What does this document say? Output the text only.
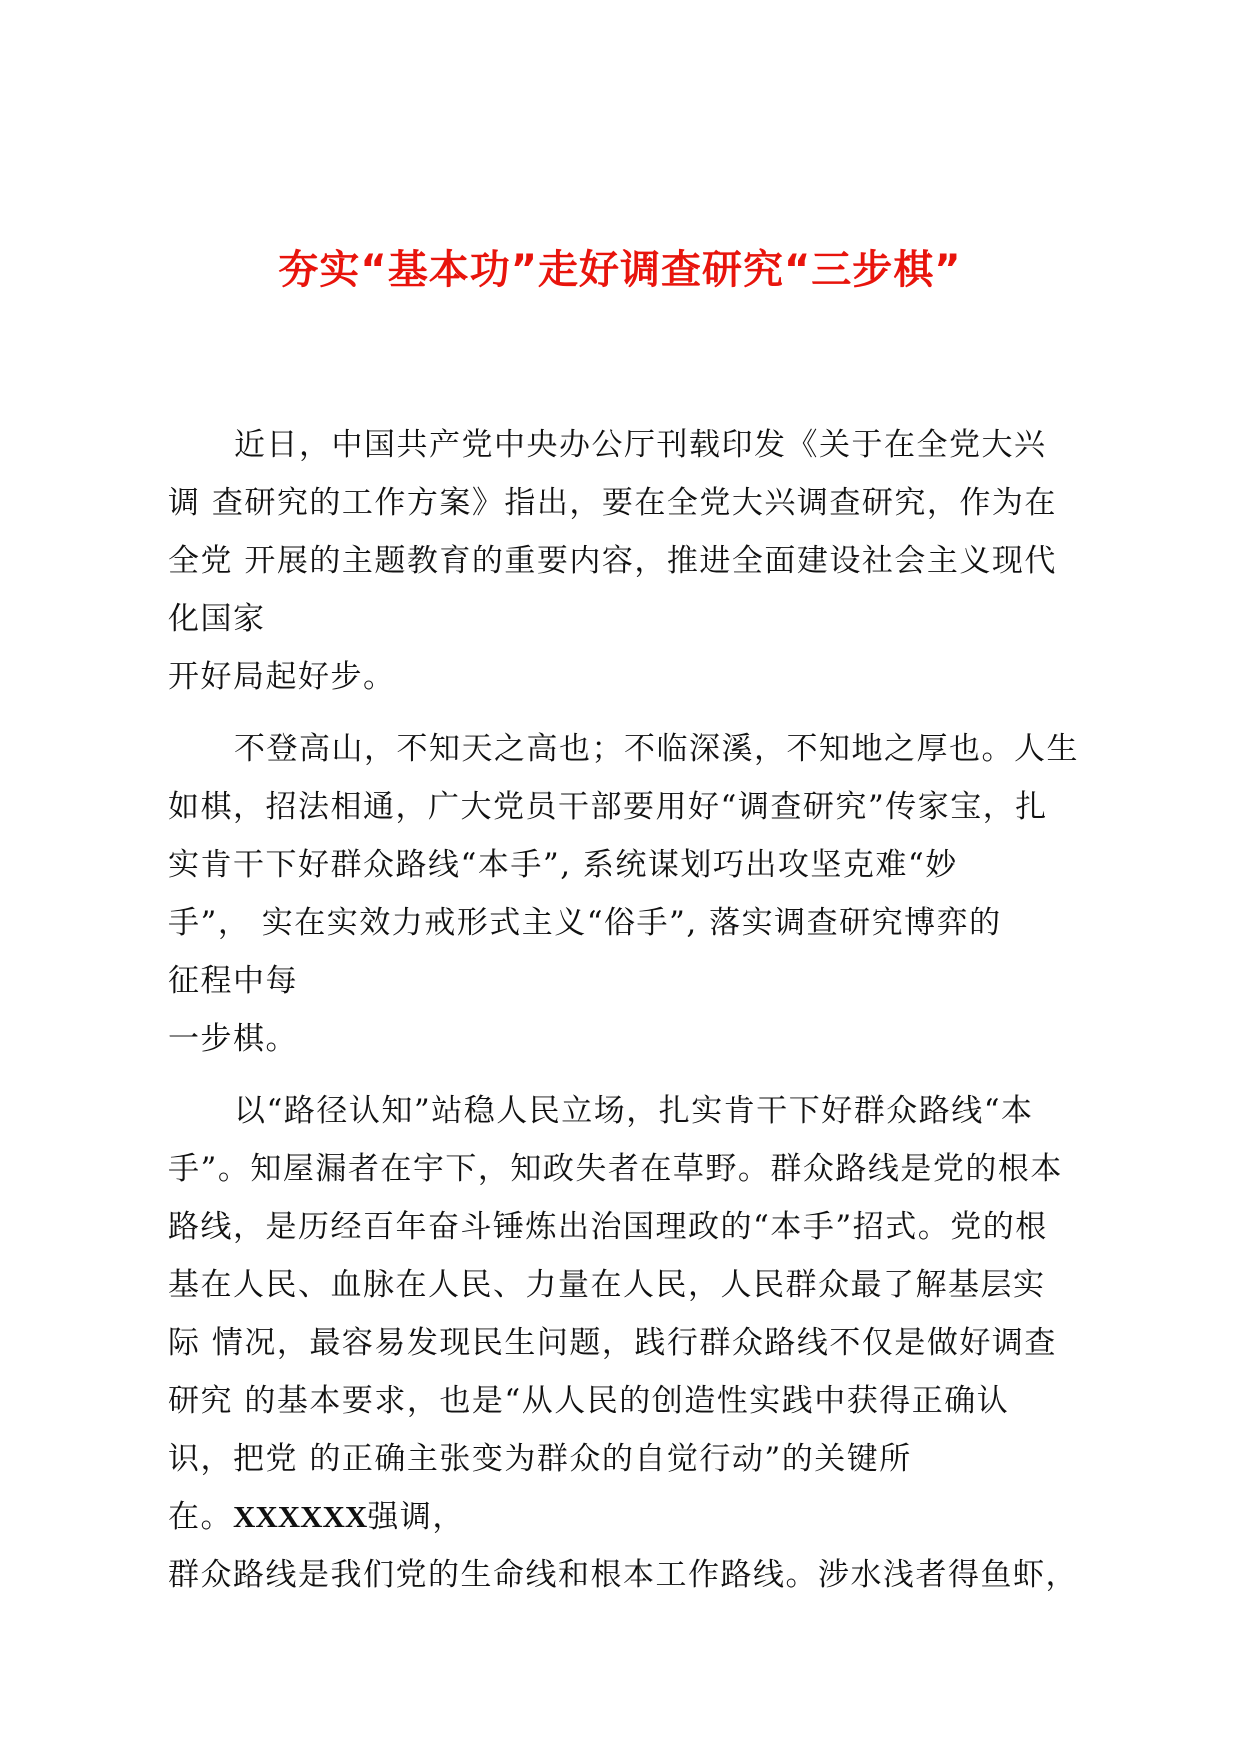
夯实“基本功”走好调查研究“三步棋”
近日，中国共产党中央办公厅刊载印发《关于在全党大兴
调 查研究的工作方案》指出，要在全党大兴调查研究，作为在
全党 开展的主题教育的重要内容，推进全面建设社会主义现代
化国家
开好局起好步。
不登高山，不知天之高也；不临深溪，不知地之厚也。人生
如棋，招法相通，广大党员干部要用好“调查研究”传家宝，扎
实肯干下好群众路线“本手”, 系统谋划巧出攻坚克难“妙
手”， 实在实效力戒形式主义“俗手”, 落实调查研究博弈的
征程中每
一步棋。
以“路径认知”站稳人民立场，扎实肯干下好群众路线“本
手”。知屋漏者在宇下，知政失者在草野。群众路线是党的根本
路线，是历经百年奋斗锤炼出治国理政的“本手”招式。党的根
基在人民、血脉在人民、力量在人民，人民群众最了解基层实
际 情况，最容易发现民生问题，践行群众路线不仅是做好调查
研究 的基本要求，也是“从人民的创造性实践中获得正确认
识，把党 的正确主张变为群众的自觉行动”的关键所
在。XXXXXX强调，
群众路线是我们党的生命线和根本工作路线。涉水浅者得鱼虾，
